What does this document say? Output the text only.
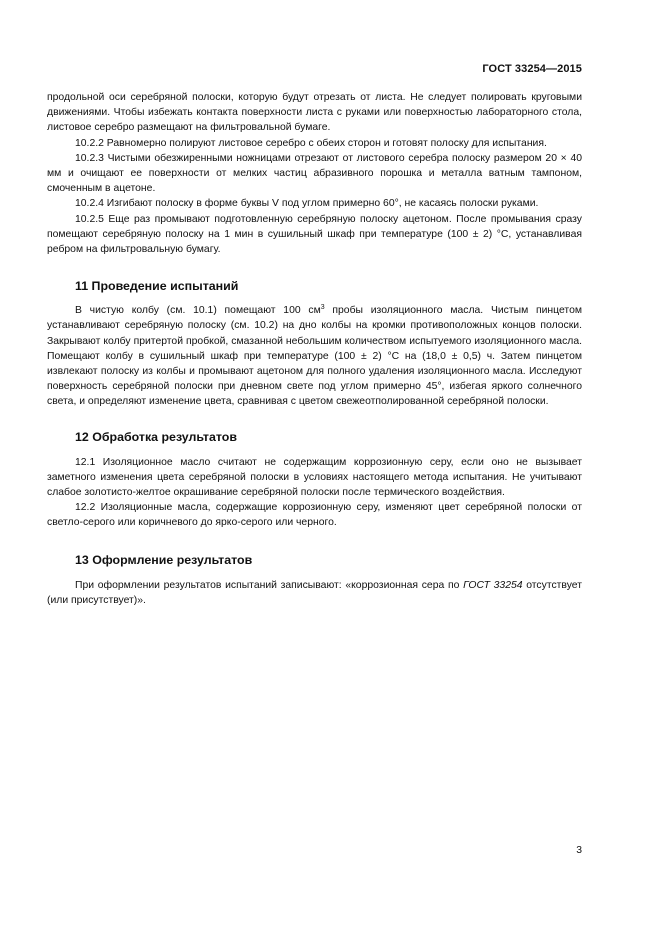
ГОСТ 33254—2015

продольной оси серебряной полоски, которую будут отрезать от листа. Не следует полировать круговыми движениями. Чтобы избежать контакта поверхности листа с руками или поверхностью лабораторного стола, листовое серебро размещают на фильтровальной бумаге.

10.2.2 Равномерно полируют листовое серебро с обеих сторон и готовят полоску для испытания.

10.2.3 Чистыми обезжиренными ножницами отрезают от листового серебра полоску размером 20 × 40 мм и очищают ее поверхности от мелких частиц абразивного порошка и металла ватным тампоном, смоченным в ацетоне.

10.2.4 Изгибают полоску в форме буквы V под углом примерно 60°, не касаясь полоски руками.

10.2.5 Еще раз промывают подготовленную серебряную полоску ацетоном. После промывания сразу помещают серебряную полоску на 1 мин в сушильный шкаф при температуре (100 ± 2) °С, устанавливая ребром на фильтровальную бумагу.

11 Проведение испытаний

В чистую колбу (см. 10.1) помещают 100 $см^3$ пробы изоляционного масла. Чистым пинцетом устанавливают серебряную полоску (см. 10.2) на дно колбы на кромки противоположных концов полоски. Закрывают колбу притертой пробкой, смазанной небольшим количеством испытуемого изоляционного масла. Помещают колбу в сушильный шкаф при температуре (100 ± 2) °С на (18,0 ± 0,5) ч. Затем пинцетом извлекают полоску из колбы и промывают ацетоном для полного удаления изоляционного масла. Исследуют поверхность серебряной полоски при дневном свете под углом примерно 45°, избегая яркого солнечного света, и определяют изменение цвета, сравнивая с цветом свежеотполированной серебряной полоски.

12 Обработка результатов

12.1 Изоляционное масло считают не содержащим коррозионную серу, если оно не вызывает заметного изменения цвета серебряной полоски в условиях настоящего метода испытания. Не учитывают слабое золотисто-желтое окрашивание серебряной полоски после термического воздействия.

12.2 Изоляционные масла, содержащие коррозионную серу, изменяют цвет серебряной полоски от светло-серого или коричневого до ярко-серого или черного.

13 Оформление результатов

При оформлении результатов испытаний записывают: «коррозионная сера по ГОСТ 33254 отсутствует (или присутствует)».

3
